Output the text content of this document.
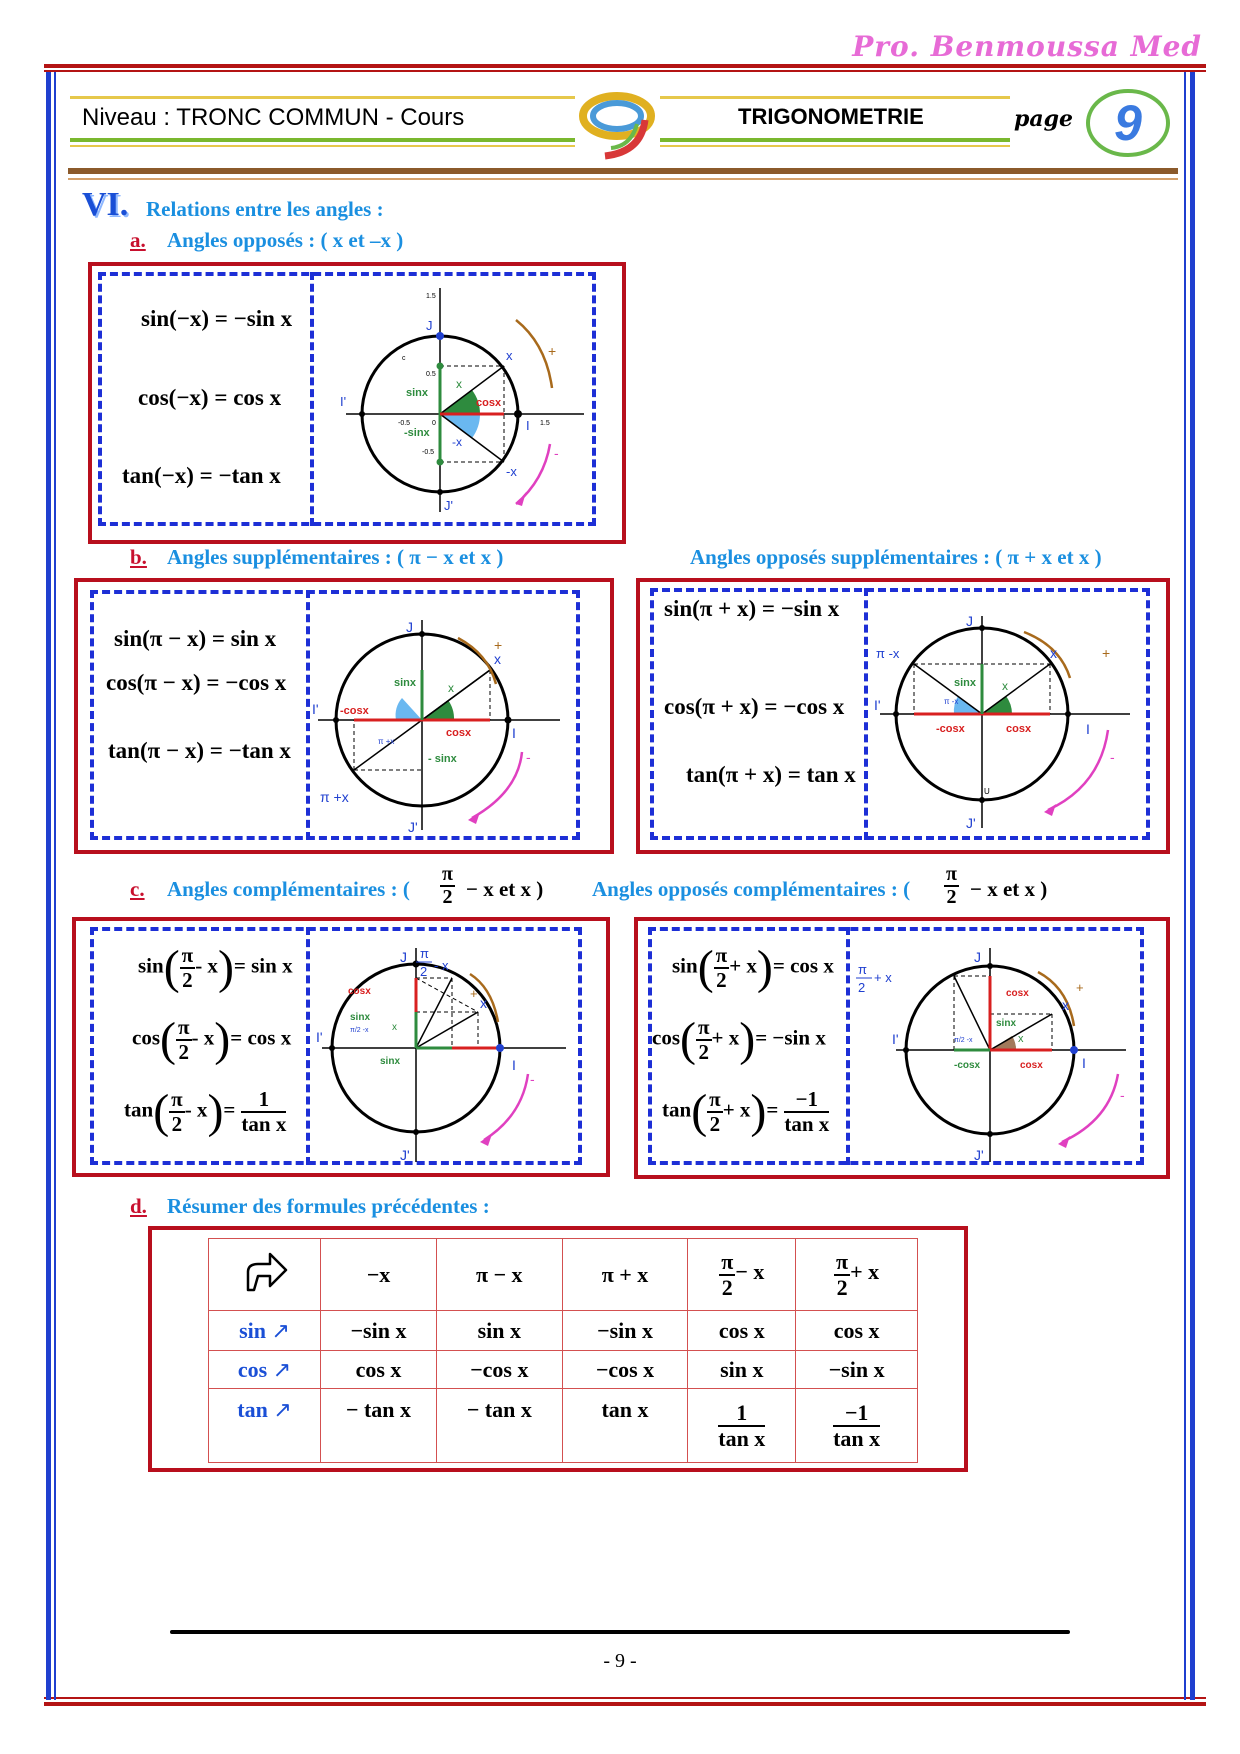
Pro. Benmoussa Med
Niveau : TRONC COMMUN - Cours	TRIGONOMETRIE	page 9
VI. Relations entre les angles :
a. Angles opposés : ( x et –x )
sin(−x) = −sin x
cos(−x) = cos x
tan(−x) = −tan x
J
J'
I'
I
x
-x
sinx
-sinx
cosx
x
-x
+
-
1.5
0.5
-0.5
-0.5	1.5
0
c
b. Angles supplémentaires : ( π − x et x )	Angles opposés supplémentaires : ( π + x et x )
sin(π − x) = sin x
cos(π − x) = −cos x
tan(π − x) = −tan x
J
J'
I'
I
x
sinx
-cosx
cosx
- sinx
x
π +x
π +x
+
-
sin(π + x) = −sin x
cos(π + x) = −cos x
tan(π + x) = tan x
J
J'
I'
I
x
π -x
sinx
-cosx	cosx
x
π -x
U
+
-
c. Angles complémentaires : ( $\frac{\pi}{2} - x$ et x ) Angles opposés complémentaires : ( $\frac{\pi}{2} - x$ et x )
$\sin( \frac{\pi}{2} - x)= \sin x$
$\cos( \frac{\pi}{2} - x)= \cos x$
$\tan( \frac{\pi}{2} - x)= \frac{1}{\text{tan x}}$
J
J'
I'
I
x
π
2 - x
cosx
sinx
π/2 -x
sinx
x
+
-
$\sin( \frac{\pi}{2} + x)= \cos x$
$\cos( \frac{\pi}{2} + x)= -\sin$ x
$\tan( \frac{\pi}{2} + x)= \frac{-1}{\text{tan x}}$
J
J'
I'
I
x
π
2
+ x
cosx
sinx
-cosx	cosx
π/2 -x	x
+
-
d. Résumer des formules précédentes :
	−x	π − x	π + x	$\frac{\pi}{2} - x$	$\frac{\pi}{2} + x$
sin ↗	−sin x	sin x	−sin x	cos x	cos x
cos ↗	cos x	−cos x	−cos x	sin x	−sin x
tan ↗	− tan x	− tan x	tan x	$\frac{1}{\text{tan x}}$	$\frac{-1}{\text{tan x}}$
- 9 -
